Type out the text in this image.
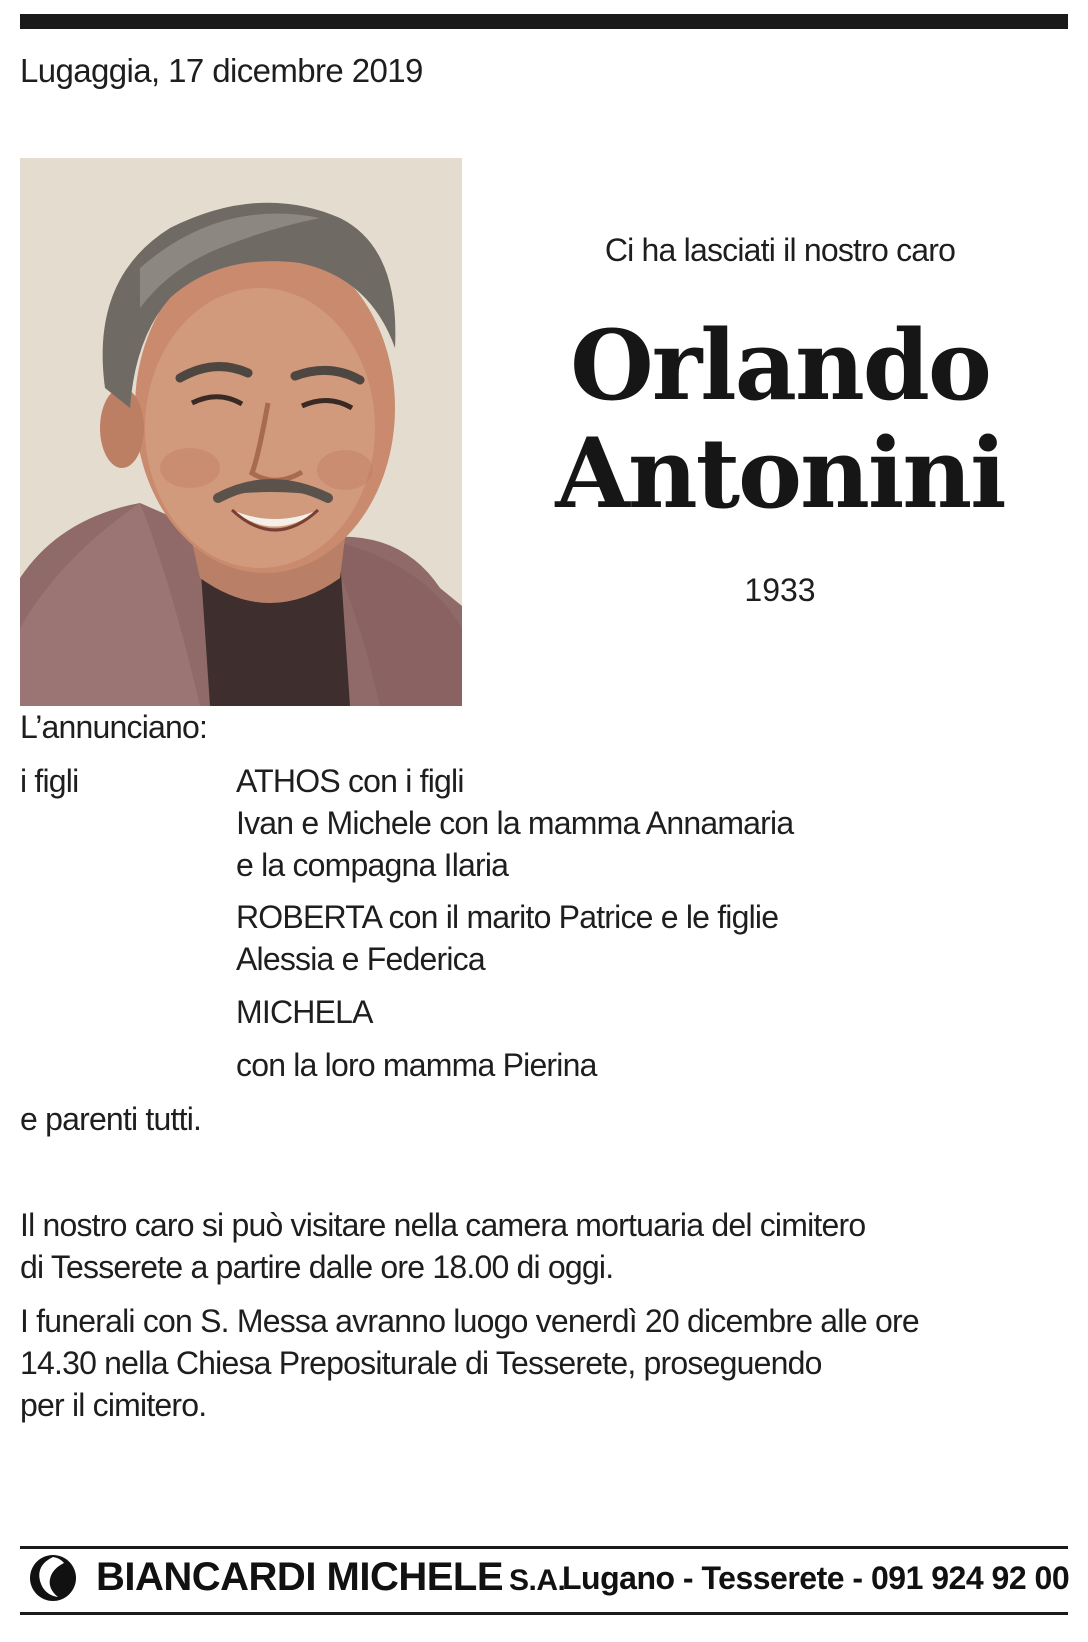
Lugaggia, 17 dicembre 2019
Ci ha lasciati il nostro caro
Orlando
Antonini
1933
L’annunciano:
i figli	ATHOS con i figli
Ivan e Michele con la mamma Annamaria
e la compagna Ilaria
ROBERTA con il marito Patrice e le figlie
Alessia e Federica
MICHELA
con la loro mamma Pierina
e parenti tutti.
Il nostro caro si può visitare nella camera mortuaria del cimitero
di Tesserete a partire dalle ore 18.00 di oggi.
I funerali con S. Messa avranno luogo venerdì 20 dicembre alle ore
14.30 nella Chiesa Prepositurale di Tesserete, proseguendo
per il cimitero.
B BIANCARDI MICHELE S.A.
Lugano - Tesserete - 091 924 92 00
